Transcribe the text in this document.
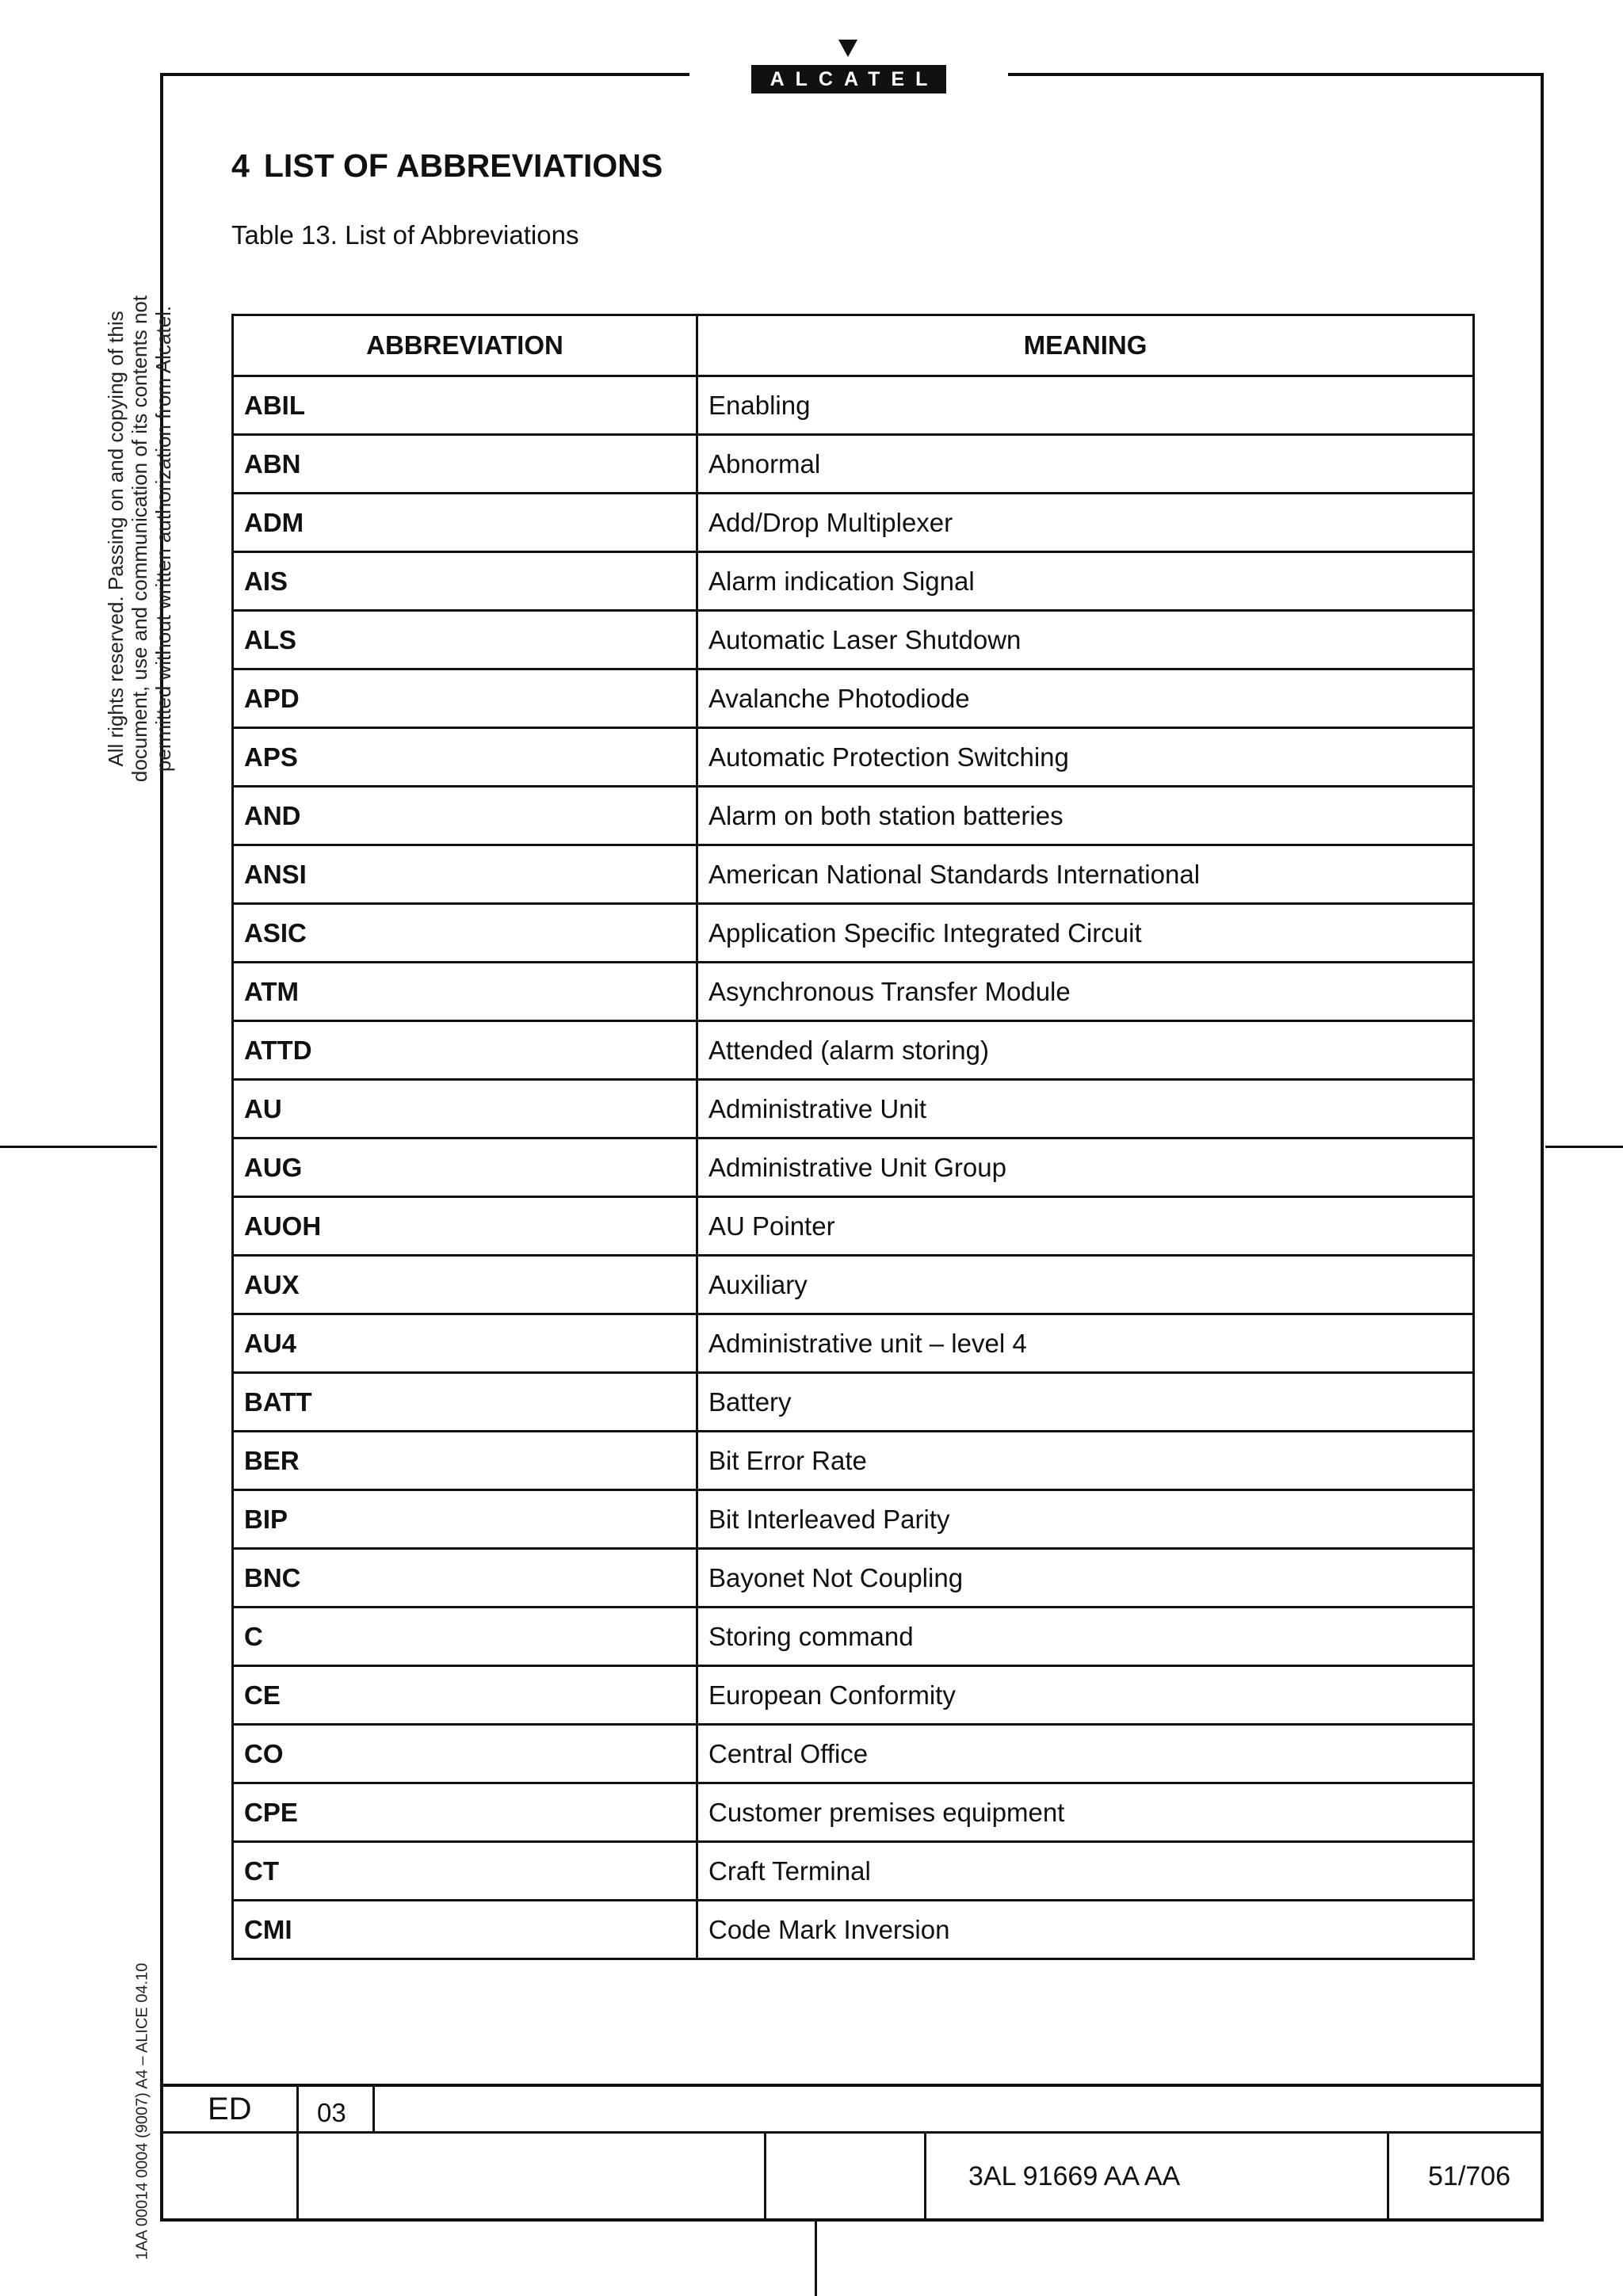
ALCATEL
All rights reserved. Passing on and copying of this document, use and communication of its contents not permitted without written authorization from Alcatel.
1AA 00014 0004 (9007) A4 – ALICE 04.10
4 LIST OF ABBREVIATIONS

Table 13. List of Abbreviations

ABBREVIATION	MEANING
ABIL	Enabling
ABN	Abnormal
ADM	Add/Drop Multiplexer
AIS	Alarm indication Signal
ALS	Automatic Laser Shutdown
APD	Avalanche Photodiode
APS	Automatic Protection Switching
AND	Alarm on both station batteries
ANSI	American National Standards International
ASIC	Application Specific Integrated Circuit
ATM	Asynchronous Transfer Module
ATTD	Attended (alarm storing)
AU	Administrative Unit
AUG	Administrative Unit Group
AUOH	AU Pointer
AUX	Auxiliary
AU4	Administrative unit – level 4
BATT	Battery
BER	Bit Error Rate
BIP	Bit Interleaved Parity
BNC	Bayonet Not Coupling
C	Storing command
CE	European Conformity
CO	Central Office
CPE	Customer premises equipment
CT	Craft Terminal
CMI	Code Mark Inversion
ED 03
3AL 91669 AA AA	51/706
